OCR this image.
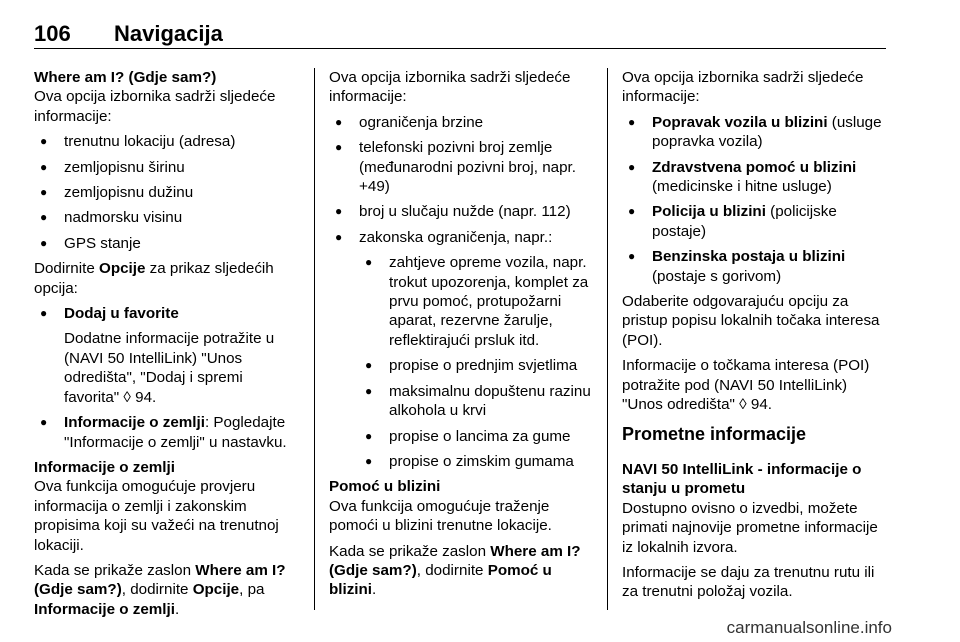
106 Navigacija
Where am I? (Gdje sam?)

Ova opcija izbornika sadrži sljedeće informacije:

● trenutnu lokaciju (adresa)
● zemljopisnu širinu
● zemljopisnu dužinu
● nadmorsku visinu
● GPS stanje

Dodirnite Opcije za prikaz sljedećih opcija:

● Dodaj u favorite
Dodatne informacije potražite u (NAVI 50 IntelliLink) "Unos odredišta", "Dodaj i spremi favorita" ◊ 94.
● Informacije o zemlji: Pogledajte "Informacije o zemlji" u nastavku.
Informacije o zemlji

Ova funkcija omogućuje provjeru informacija o zemlji i zakonskim propisima koji su važeći na trenutnoj lokaciji.

Kada se prikaže zaslon Where am I? (Gdje sam?), dodirnite Opcije, pa Informacije o zemlji.

Ova opcija izbornika sadrži sljedeće informacije:

● ograničenja brzine
● telefonski pozivni broj zemlje (međunarodni pozivni broj, napr. +49)
● broj u slučaju nužde (napr. 112)
● zakonska ograničenja, napr.:
● zahtjeve opreme vozila, napr. trokut upozorenja, komplet za prvu pomoć, protupožarni aparat, rezervne žarulje, reflektirajući prsluk itd.
● propise o prednjim svjetlima
● maksimalnu dopuštenu razinu alkohola u krvi
● propise o lancima za gume
● propise o zimskim gumama
Pomoć u blizini

Ova funkcija omogućuje traženje pomoći u blizini trenutne lokacije.

Kada se prikaže zaslon Where am I? (Gdje sam?), dodirnite Pomoć u blizini.

Ova opcija izbornika sadrži sljedeće informacije:

● Popravak vozila u blizini (usluge popravka vozila)
● Zdravstvena pomoć u blizini (medicinske i hitne usluge)
● Policija u blizini (policijske postaje)
● Benzinska postaja u blizini (postaje s gorivom)

Odaberite odgovarajuću opciju za pristup popisu lokalnih točaka interesa (POI).

Informacije o točkama interesa (POI) potražite pod (NAVI 50 IntelliLink) "Unos odredišta" ◊ 94.

Prometne informacije
NAVI 50 IntelliLink - informacije o stanju u prometu

Dostupno ovisno o izvedbi, možete primati najnovije prometne informacije iz lokalnih izvora.

Informacije se daju za trenutnu rutu ili za trenutni položaj vozila.

carmanualsonline.info
